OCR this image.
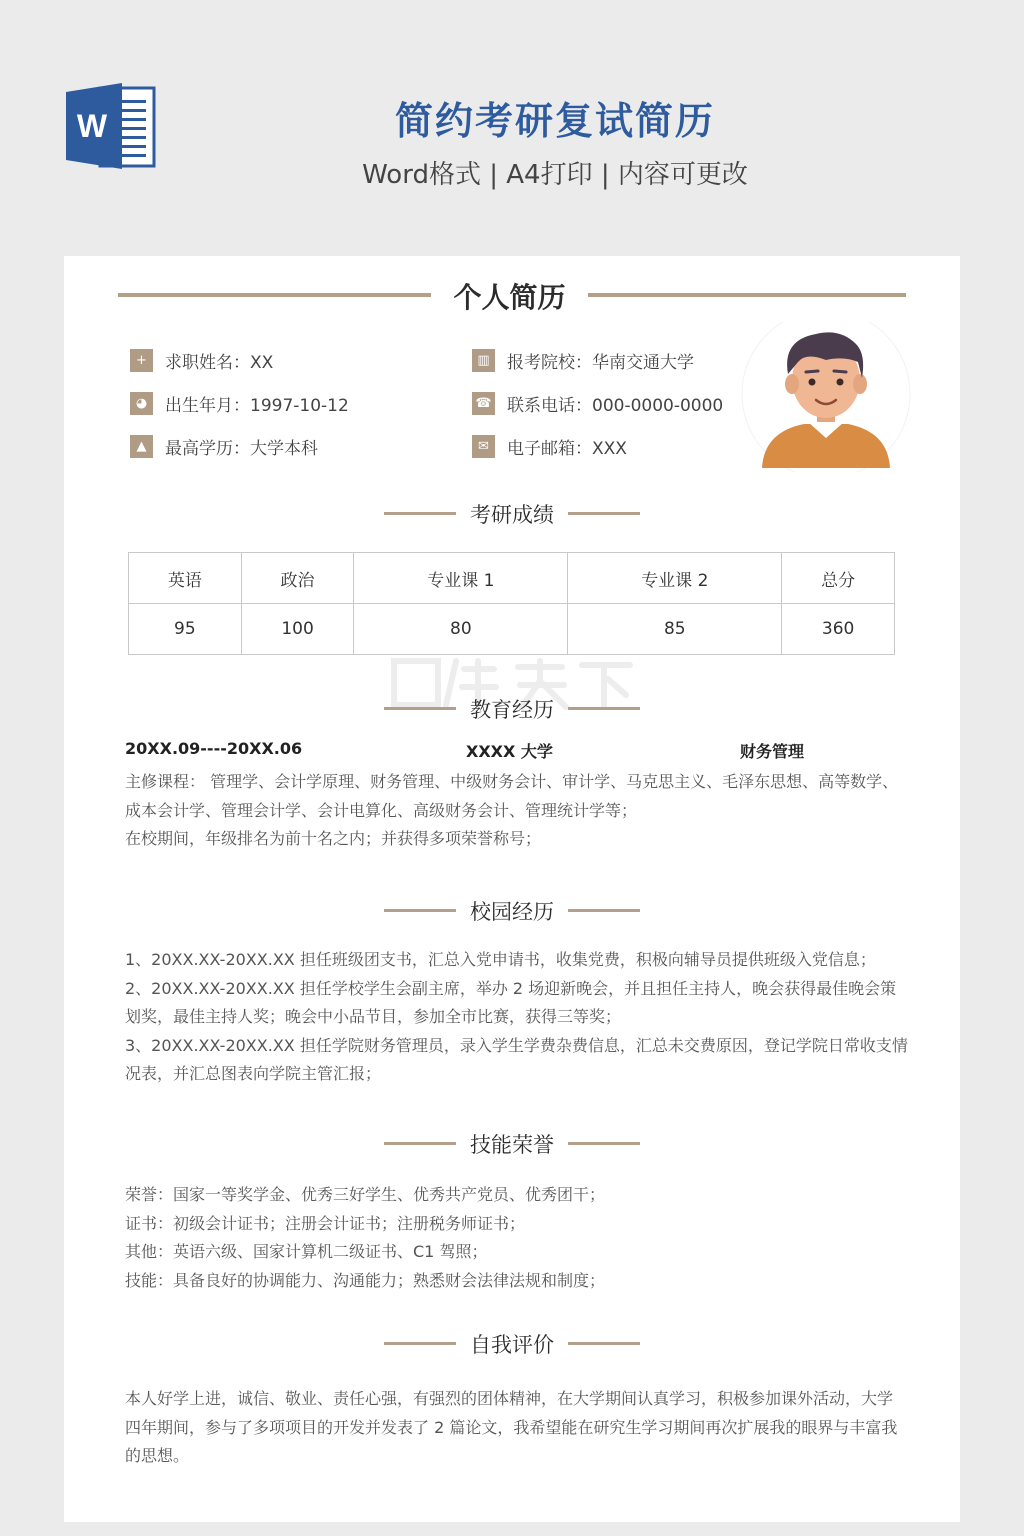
W	简约考研复试简历
Word格式 | A4打印 | 内容可更改
个人简历
+	求职姓名：XX	▥	报考院校：华南交通大学
◕	出生年月：1997-10-12	☎ 联系电话：000-0000-0000
▲	最高学历：大学本科	✉	电子邮箱：XXX
考研成绩
英语	政治	专业课 1	专业课 2	总分
95	100	80	85	360
教育经历
20XX.09----20XX.06	XXXX 大学	财务管理

主修课程： 管理学、会计学原理、财务管理、中级财务会计、审计学、马克思主义、毛泽东思想、高等数学、成本会计学、管理会计学、会计电算化、高级财务会计、管理统计学等；

在校期间，年级排名为前十名之内；并获得多项荣誉称号；

校园经历

1、20XX.XX-20XX.XX 担任班级团支书，汇总入党申请书，收集党费，积极向辅导员提供班级入党信息；

2、20XX.XX-20XX.XX 担任学校学生会副主席，举办 2 场迎新晚会，并且担任主持人，晚会获得最佳晚会策划奖，最佳主持人奖；晚会中小品节目，参加全市比赛，获得三等奖；

3、20XX.XX-20XX.XX 担任学院财务管理员，录入学生学费杂费信息，汇总未交费原因，登记学院日常收支情况表，并汇总图表向学院主管汇报；

技能荣誉

荣誉：国家一等奖学金、优秀三好学生、优秀共产党员、优秀团干；

证书：初级会计证书；注册会计证书；注册税务师证书；

其他：英语六级、国家计算机二级证书、C1 驾照；

技能：具备良好的协调能力、沟通能力；熟悉财会法律法规和制度；

自我评价

本人好学上进，诚信、敬业、责任心强，有强烈的团体精神，在大学期间认真学习，积极参加课外活动，大学四年期间，参与了多项项目的开发并发表了 2 篇论文，我希望能在研究生学习期间再次扩展我的眼界与丰富我的思想。
